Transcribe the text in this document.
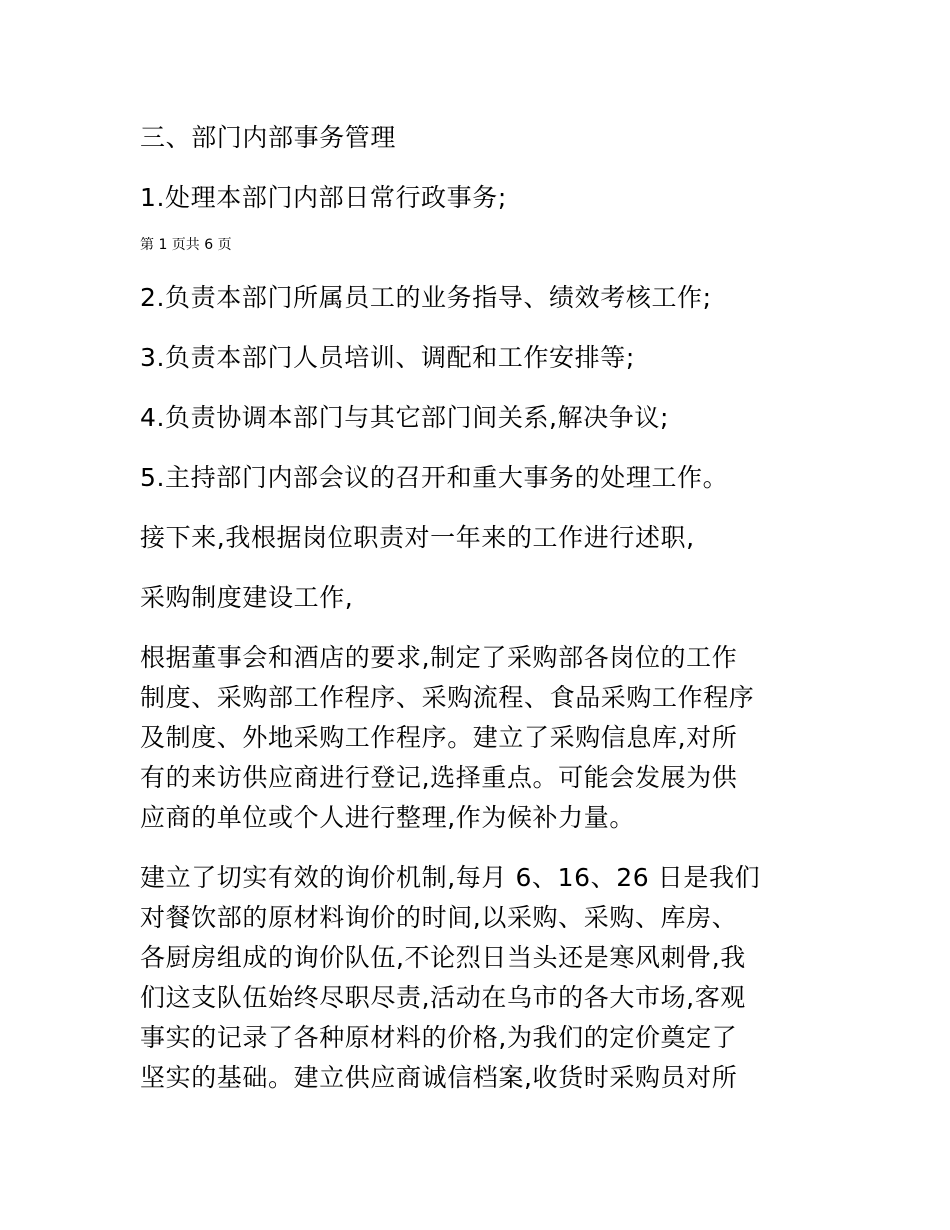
三、部门内部事务管理
1.处理本部门内部日常行政事务;
第 1 页共 6 页
2.负责本部门所属员工的业务指导、绩效考核工作;
3.负责本部门人员培训、调配和工作安排等;
4.负责协调本部门与其它部门间关系,解决争议;
5.主持部门内部会议的召开和重大事务的处理工作。
接下来,我根据岗位职责对一年来的工作进行述职,
采购制度建设工作,
根据董事会和酒店的要求,制定了采购部各岗位的工作
制度、采购部工作程序、采购流程、食品采购工作程序
及制度、外地采购工作程序。建立了采购信息库,对所
有的来访供应商进行登记,选择重点。可能会发展为供
应商的单位或个人进行整理,作为候补力量。
建立了切实有效的询价机制,每月 6、16、26 日是我们
对餐饮部的原材料询价的时间,以采购、采购、库房、
各厨房组成的询价队伍,不论烈日当头还是寒风刺骨,我
们这支队伍始终尽职尽责,活动在乌市的各大市场,客观
事实的记录了各种原材料的价格,为我们的定价奠定了
坚实的基础。建立供应商诚信档案,收货时采购员对所
